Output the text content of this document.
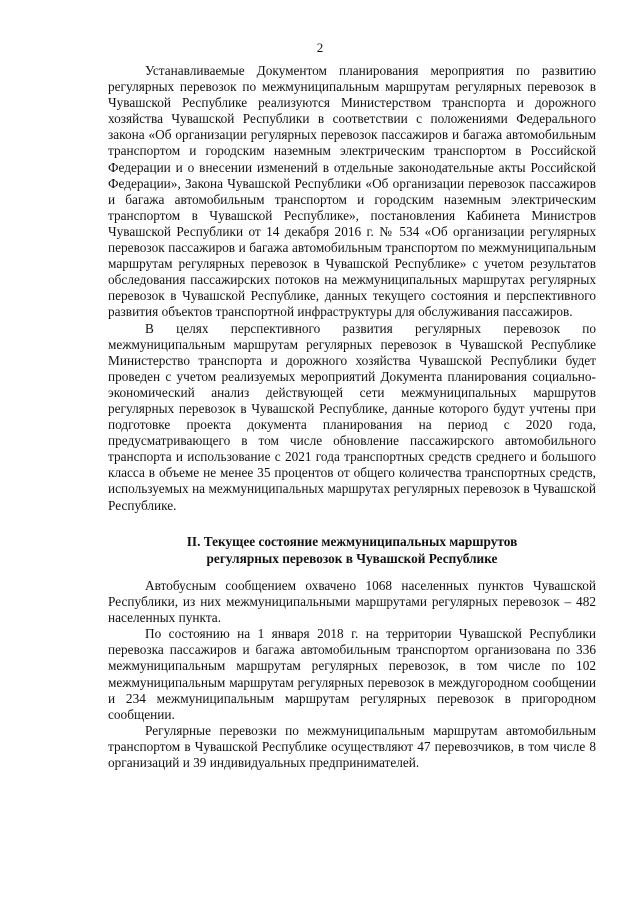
2

Устанавливаемые Документом планирования мероприятия по развитию регулярных перевозок по межмуниципальным маршрутам регулярных перевозок в Чувашской Республике реализуются Министерством транспорта и дорожного хозяйства Чувашской Республики в соответствии с положениями Федерального закона «Об организации регулярных перевозок пассажиров и багажа автомобильным транспортом и городским наземным электрическим транспортом в Российской Федерации и о внесении изменений в отдельные законодательные акты Российской Федерации», Закона Чувашской Республики «Об организации перевозок пассажиров и багажа автомобильным транспортом и городским наземным электрическим транспортом в Чувашской Республике», постановления Кабинета Министров Чувашской Республики от 14 декабря 2016 г. № 534 «Об организации регулярных перевозок пассажиров и багажа автомобильным транспортом по межмуниципальным маршрутам регулярных перевозок в Чувашской Республике» с учетом результатов обследования пассажирских потоков на межмуниципальных маршрутах регулярных перевозок в Чувашской Республике, данных текущего состояния и перспективного развития объектов транспортной инфраструктуры для обслуживания пассажиров.

В целях перспективного развития регулярных перевозок по межмуниципальным маршрутам регулярных перевозок в Чувашской Республике Министерство транспорта и дорожного хозяйства Чувашской Республики будет проведен с учетом реализуемых мероприятий Документа планирования социально-экономический анализ действующей сети межмуниципальных маршрутов регулярных перевозок в Чувашской Республике, данные которого будут учтены при подготовке проекта документа планирования на период с 2020 года, предусматривающего в том числе обновление пассажирского автомобильного транспорта и использование с 2021 года транспортных средств среднего и большого класса в объеме не менее 35 процентов от общего количества транспортных средств, используемых на межмуниципальных маршрутах регулярных перевозок в Чувашской Республике.

II. Текущее состояние межмуниципальных маршрутов
регулярных перевозок в Чувашской Республике

Автобусным сообщением охвачено 1068 населенных пунктов Чувашской Республики, из них межмуниципальными маршрутами регулярных перевозок – 482 населенных пункта.

По состоянию на 1 января 2018 г. на территории Чувашской Республики перевозка пассажиров и багажа автомобильным транспортом организована по 336 межмуниципальным маршрутам регулярных перевозок, в том числе по 102 межмуниципальным маршрутам регулярных перевозок в междугородном сообщении и 234 межмуниципальным маршрутам регулярных перевозок в пригородном сообщении.

Регулярные перевозки по межмуниципальным маршрутам автомобильным транспортом в Чувашской Республике осуществляют 47 перевозчиков, в том числе 8 организаций и 39 индивидуальных предпринимателей.
